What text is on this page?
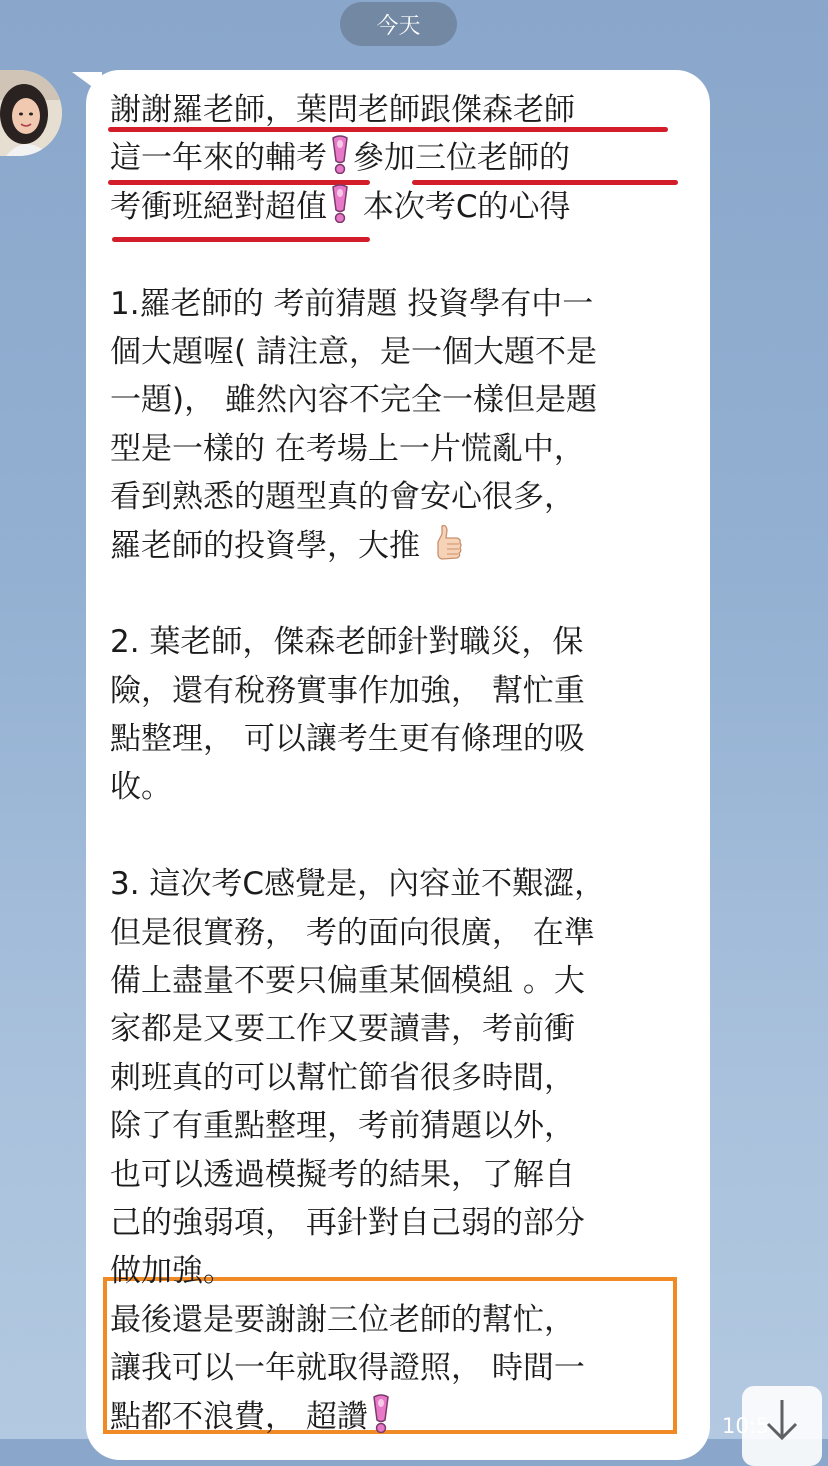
今天
謝謝羅老師，葉問老師跟傑森老師
這一年來的輔考 參加三位老師的
考衝班絕對超值 本次考C的心得
1.羅老師的 考前猜題 投資學有中一
個大題喔( 請注意，是一個大題不是
一題)， 雖然內容不完全一樣但是題
型是一樣的 在考場上一片慌亂中，
看到熟悉的題型真的會安心很多，
羅老師的投資學，大推
2. 葉老師，傑森老師針對職災，保
險，還有稅務實事作加強， 幫忙重
點整理， 可以讓考生更有條理的吸
收。
3. 這次考C感覺是，內容並不艱澀，
但是很實務， 考的面向很廣， 在準
備上盡量不要只偏重某個模組 。大
家都是又要工作又要讀書，考前衝
刺班真的可以幫忙節省很多時間，
除了有重點整理，考前猜題以外，
也可以透過模擬考的結果，了解自
己的強弱項， 再針對自己弱的部分
做加強。
最後還是要謝謝三位老師的幫忙，
讓我可以一年就取得證照， 時間一
點都不浪費， 超讚	10:5
